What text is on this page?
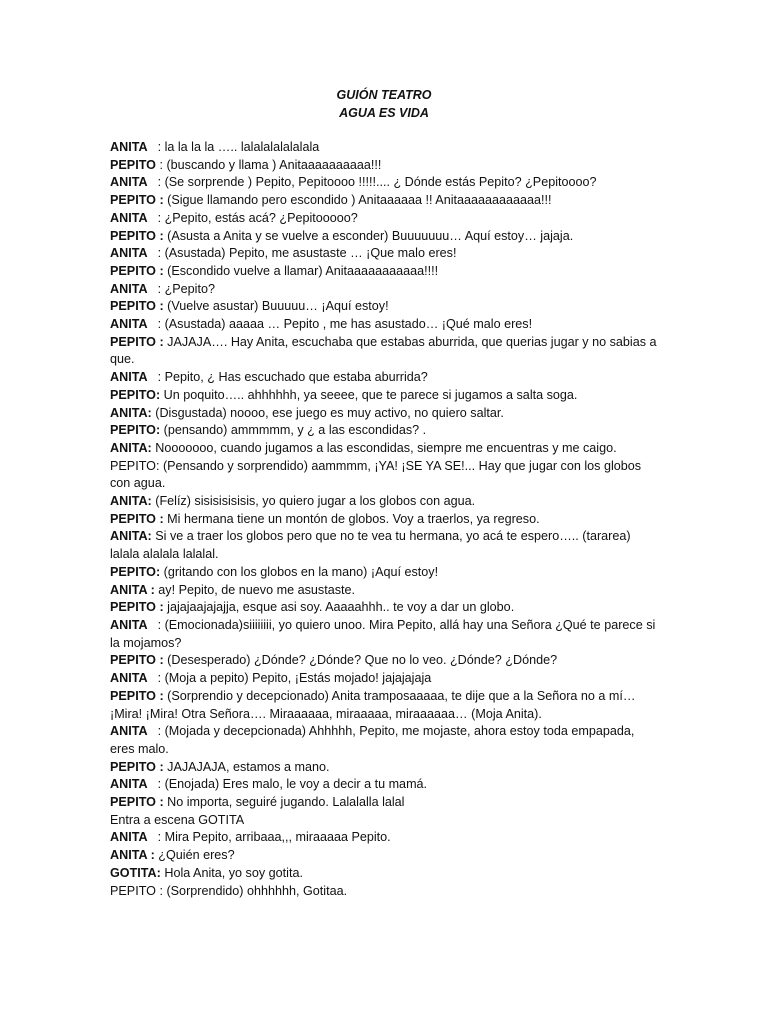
GUIÓN TEATRO
AGUA ES VIDA
ANITA   : la la la la ….. lalalalalalalala
PEPITO : (buscando y llama ) Anitaaaaaaaaaa!!!
ANITA   : (Se sorprende ) Pepito, Pepitoooo !!!!!.... ¿ Dónde estás Pepito? ¿Pepitoooo?
PEPITO : (Sigue llamando pero escondido ) Anitaaaaaa !! Anitaaaaaaaaaaaa!!!
ANITA   : ¿Pepito, estás acá? ¿Pepitooooo?
PEPITO : (Asusta a Anita y se vuelve a esconder) Buuuuuuu… Aquí estoy… jajaja.
ANITA   : (Asustada) Pepito, me asustaste … ¡Que malo eres!
PEPITO : (Escondido vuelve a llamar) Anitaaaaaaaaaaa!!!!
ANITA   : ¿Pepito?
PEPITO : (Vuelve asustar) Buuuuu… ¡Aquí estoy!
ANITA   : (Asustada) aaaaa … Pepito , me has asustado… ¡Qué malo eres!
PEPITO : JAJAJA…. Hay Anita, escuchaba que estabas aburrida, que querias jugar y no sabias a que.
ANITA   : Pepito, ¿ Has escuchado que estaba aburrida?
PEPITO: Un poquito….. ahhhhhh, ya seeee, que te parece si jugamos a salta soga.
ANITA: (Disgustada) noooo, ese juego es muy activo, no quiero saltar.
PEPITO: (pensando) ammmmm, y ¿ a las escondidas? .
ANITA: Nooooooo, cuando jugamos a las escondidas, siempre me encuentras y me caigo.
PEPITO: (Pensando y sorprendido) aammmm, ¡YA! ¡SE YA SE!... Hay que jugar con los globos con agua.
ANITA: (Felíz) sisisisisisis, yo quiero jugar a los globos con agua.
PEPITO : Mi hermana tiene un montón de globos. Voy a traerlos, ya regreso.
ANITA: Si ve a traer los globos pero que no te vea tu hermana, yo acá te espero….. (tararea) lalala alalala lalalal.
PEPITO: (gritando con los globos en la mano) ¡Aquí estoy!
ANITA : ay! Pepito, de nuevo me asustaste.
PEPITO : jajajaajajajja, esque asi soy. Aaaaahhh.. te voy a dar un globo.
ANITA   : (Emocionada)siiiiiiii, yo quiero unoo. Mira Pepito, allá hay una Señora ¿Qué te parece si la mojamos?
PEPITO : (Desesperado) ¿Dónde? ¿Dónde? Que no lo veo. ¿Dónde? ¿Dónde?
ANITA   : (Moja a pepito) Pepito, ¡Estás mojado! jajajajaja
PEPITO : (Sorprendio y decepcionado) Anita tramposaaaaa, te dije que a la Señora no a mí… ¡Mira! ¡Mira! Otra Señora…. Miraaaaaa, miraaaaa, miraaaaaa… (Moja Anita).
ANITA   : (Mojada y decepcionada) Ahhhhh, Pepito, me mojaste, ahora estoy toda empapada, eres malo.
PEPITO : JAJAJAJA, estamos a mano.
ANITA   : (Enojada) Eres malo, le voy a decir a tu mamá.
PEPITO : No importa, seguiré jugando. Lalalalla lalal
Entra a escena GOTITA
ANITA   : Mira Pepito, arribaaa,,, miraaaaa Pepito.
ANITA : ¿Quién eres?
GOTITA: Hola Anita, yo soy gotita.
PEPITO : (Sorprendido) ohhhhhh, Gotitaa.
